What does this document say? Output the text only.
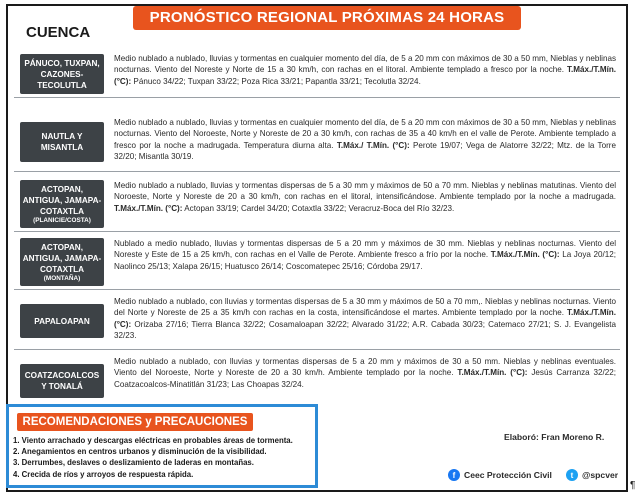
PRONÓSTICO REGIONAL PRÓXIMAS 24 HORAS
CUENCA
PÁNUCO, TUXPAN, CAZONES-TECOLUTLA
Medio nublado a nublado, lluvias y tormentas en cualquier momento del día, de 5 a 20 mm con máximos de 30 a 50 mm, Nieblas y neblinas nocturnas. Viento del Noreste y Norte de 15 a 30 km/h, con rachas en el litoral. Ambiente templado a fresco por la noche. T.Máx./T.Mín. (°C): Pánuco 34/22; Tuxpan 33/22; Poza Rica 33/21; Papantla 33/21; Tecolutla 32/24.
NAUTLA Y MISANTLA
Medio nublado a nublado, lluvias y tormentas en cualquier momento del día, de 5 a 20 mm con máximos de 30 a 50 mm, Nieblas y neblinas nocturnas. Viento del Noroeste, Norte y Noreste de 20 a 30 km/h, con rachas de 35 a 40 km/h en el valle de Perote. Ambiente templado a fresco por la noche a madrugada. Temperatura diurna alta. T.Máx./ T.Mín. (°C): Perote 19/07; Vega de Alatorre 32/22; Mtz. de la Torre 32/20; Misantla 30/19.
ACTOPAN, ANTIGUA, JAMAPA-COTAXTLA
(PLANICIE/COSTA)
Medio nublado a nublado, lluvias y tormentas dispersas de 5 a 30 mm y máximos de 50 a 70 mm. Nieblas y neblinas matutinas. Viento del Noroeste, Norte y Noreste de 20 a 30 km/h, con rachas en el litoral, intensificándose. Ambiente templado por la noche a madrugada. T.Máx./T.Mín. (°C): Actopan 33/19; Cardel 34/20; Cotaxtla 33/22; Veracruz-Boca del Río 32/23.
ACTOPAN, ANTIGUA, JAMAPA-COTAXTLA
(MONTAÑA)
Nublado a medio nublado, lluvias y tormentas dispersas de 5 a 20 mm y máximos de 30 mm. Nieblas y neblinas nocturnas. Viento del Noreste y Este de 15 a 25 km/h, con rachas en el Valle de Perote. Ambiente fresco a frío por la noche. T.Máx./T.Mín. (°C): La Joya 20/12; Naolinco 25/13; Xalapa 26/15; Huatusco 26/14; Coscomatepec 25/16; Córdoba 29/17.
PAPALOAPAN
Medio nublado a nublado, con lluvias y tormentas dispersas de 5 a 30 mm y máximos de 50 a 70 mm,. Nieblas y neblinas nocturnas. Viento del Norte y Noreste de 25 a 35 km/h con rachas en la costa, intensificándose el martes. Ambiente templado por la noche. T.Máx./T.Mín. (°C): Orizaba 27/16; Tierra Blanca 32/22; Cosamaloapan 32/22; Alvarado 31/22; A.R. Cabada 30/23; Catemaco 27/21; S. J. Evangelista 32/23.
COATZACOALCOS Y TONALÁ
Medio nublado a nublado, con lluvias y tormentas dispersas de 5 a 20 mm y máximos de 30 a 50 mm. Nieblas y neblinas eventuales. Viento del Noroeste, Norte y Noreste de 20 a 30 km/h. Ambiente templado por la noche. T.Máx./T.Mín. (°C): Jesús Carranza 32/22; Coatzacoalcos-Minatitlán 31/23; Las Choapas 32/24.
RECOMENDACIONES y PRECAUCIONES
1. Viento arrachado y descargas eléctricas en probables áreas de tormenta.
2. Anegamientos en centros urbanos y disminución de la visibilidad.
3. Derrumbes, deslaves o deslizamiento de laderas en montañas.
4. Crecida de ríos y arroyos de respuesta rápida.
Elaboró: Fran Moreno R.
f	Ceec Protección Civil	t	@spcver
¶
